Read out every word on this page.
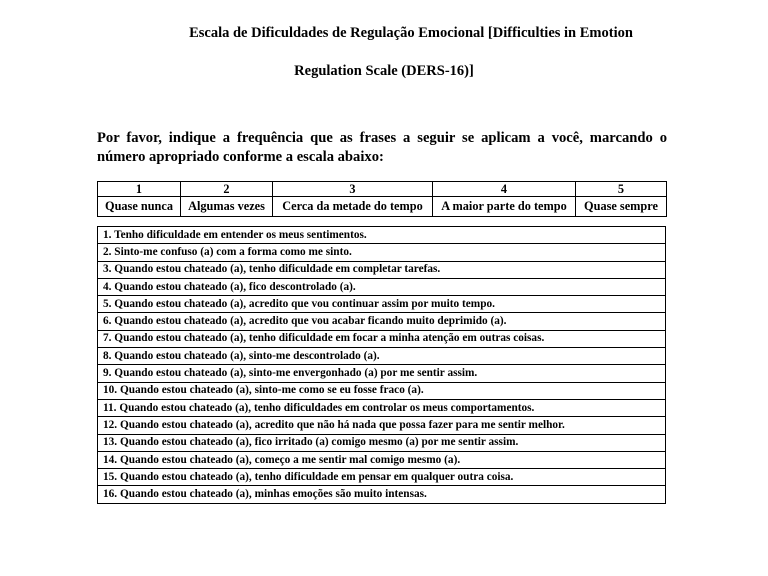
Escala de Dificuldades de Regulação Emocional [Difficulties in Emotion
Regulation Scale (DERS-16)]

Por favor, indique a frequência que as frases a seguir se aplicam a você, marcando o número apropriado conforme a escala abaixo:

1	2	3	4	5
Quase nunca	Algumas vezes	Cerca da metade do tempo	A maior parte do tempo	Quase sempre
1. Tenho dificuldade em entender os meus sentimentos.
2. Sinto-me confuso (a) com a forma como me sinto.
3. Quando estou chateado (a), tenho dificuldade em completar tarefas.
4. Quando estou chateado (a), fico descontrolado (a).
5. Quando estou chateado (a), acredito que vou continuar assim por muito tempo.
6. Quando estou chateado (a), acredito que vou acabar ficando muito deprimido (a).
7. Quando estou chateado (a), tenho dificuldade em focar a minha atenção em outras coisas.
8. Quando estou chateado (a), sinto-me descontrolado (a).
9. Quando estou chateado (a), sinto-me envergonhado (a) por me sentir assim.
10. Quando estou chateado (a), sinto-me como se eu fosse fraco (a).
11. Quando estou chateado (a), tenho dificuldades em controlar os meus comportamentos.
12. Quando estou chateado (a), acredito que não há nada que possa fazer para me sentir melhor.
13. Quando estou chateado (a), fico irritado (a) comigo mesmo (a) por me sentir assim.
14. Quando estou chateado (a), começo a me sentir mal comigo mesmo (a).
15. Quando estou chateado (a), tenho dificuldade em pensar em qualquer outra coisa.
16. Quando estou chateado (a), minhas emoções são muito intensas.
